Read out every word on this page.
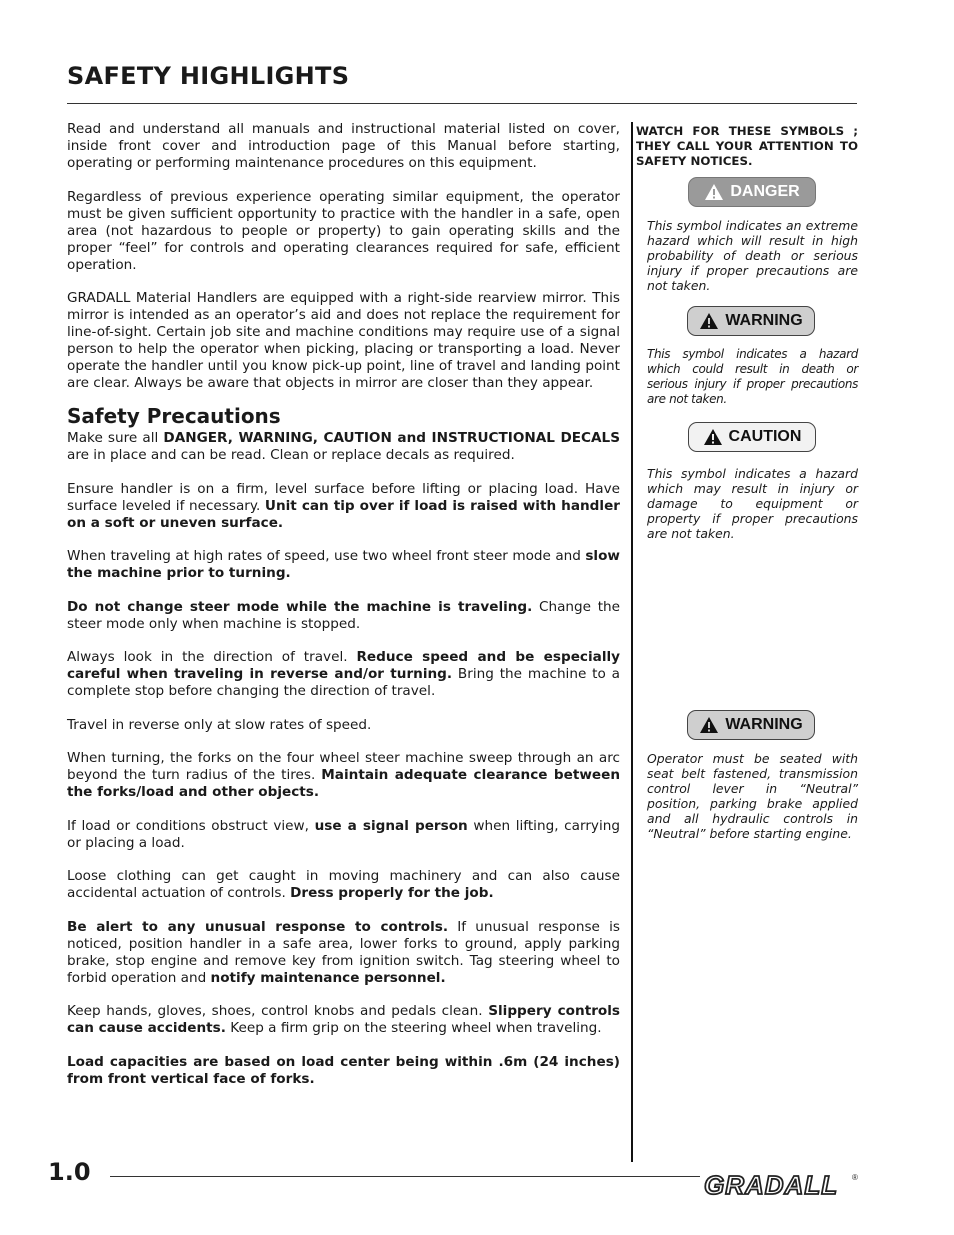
SAFETY HIGHLIGHTS

Read and understand all manuals and instructional material listed on cover, inside front cover and introduction page of this Manual before starting, operating or performing maintenance procedures on this equipment.

Regardless of previous experience operating similar equipment, the operator must be given sufficient opportunity to practice with the handler in a safe, open area (not hazardous to people or property) to gain operating skills and the proper “feel” for controls and operating clearances required for safe, efficient operation.

GRADALL Material Handlers are equipped with a right-side rearview mirror. This mirror is intended as an operator’s aid and does not replace the requirement for line-of-sight. Certain job site and machine conditions may require use of a signal person to help the operator when picking, placing or transporting a load. Never operate the handler until you know pick-up point, line of travel and landing point are clear. Always be aware that objects in mirror are closer than they appear.

Safety Precautions

Make sure all DANGER, WARNING, CAUTION and INSTRUCTIONAL DECALS are in place and can be read. Clean or replace decals as required.

Ensure handler is on a firm, level surface before lifting or placing load. Have surface leveled if necessary. Unit can tip over if load is raised with handler on a soft or uneven surface.

When traveling at high rates of speed, use two wheel front steer mode and slow the machine prior to turning.

Do not change steer mode while the machine is traveling. Change the steer mode only when machine is stopped.

Always look in the direction of travel. Reduce speed and be especially careful when traveling in reverse and/or turning. Bring the machine to a complete stop before changing the direction of travel.

Travel in reverse only at slow rates of speed.

When turning, the forks on the four wheel steer machine sweep through an arc beyond the turn radius of the tires. Maintain adequate clearance between the forks/load and other objects.

If load or conditions obstruct view, use a signal person when lifting, carrying or placing a load.

Loose clothing can get caught in moving machinery and can also cause accidental actuation of controls. Dress properly for the job.

Be alert to any unusual response to controls. If unusual response is noticed, position handler in a safe area, lower forks to ground, apply parking brake, stop engine and remove key from ignition switch. Tag steering wheel to forbid operation and notify maintenance personnel.

Keep hands, gloves, shoes, control knobs and pedals clean. Slippery controls can cause accidents. Keep a firm grip on the steering wheel when traveling.

Load capacities are based on load center being within .6m (24 inches) from front vertical face of forks.

WATCH FOR THESE SYMBOLS ; THEY CALL YOUR ATTENTION TO SAFETY NOTICES.

DANGER

This symbol indicates an extreme hazard which will result in high probability of death or serious injury if proper precautions are not taken.

WARNING

This symbol indicates a hazard which could result in death or serious injury if proper precautions are not taken.

CAUTION

This symbol indicates a hazard which may result in injury or damage to equipment or property if proper precautions are not taken.

WARNING

Operator must be seated with seat belt fastened, transmission control lever in “Neutral” position, parking brake applied and all hydraulic controls in “Neutral” before starting engine.

1.0	GRADALL ®
